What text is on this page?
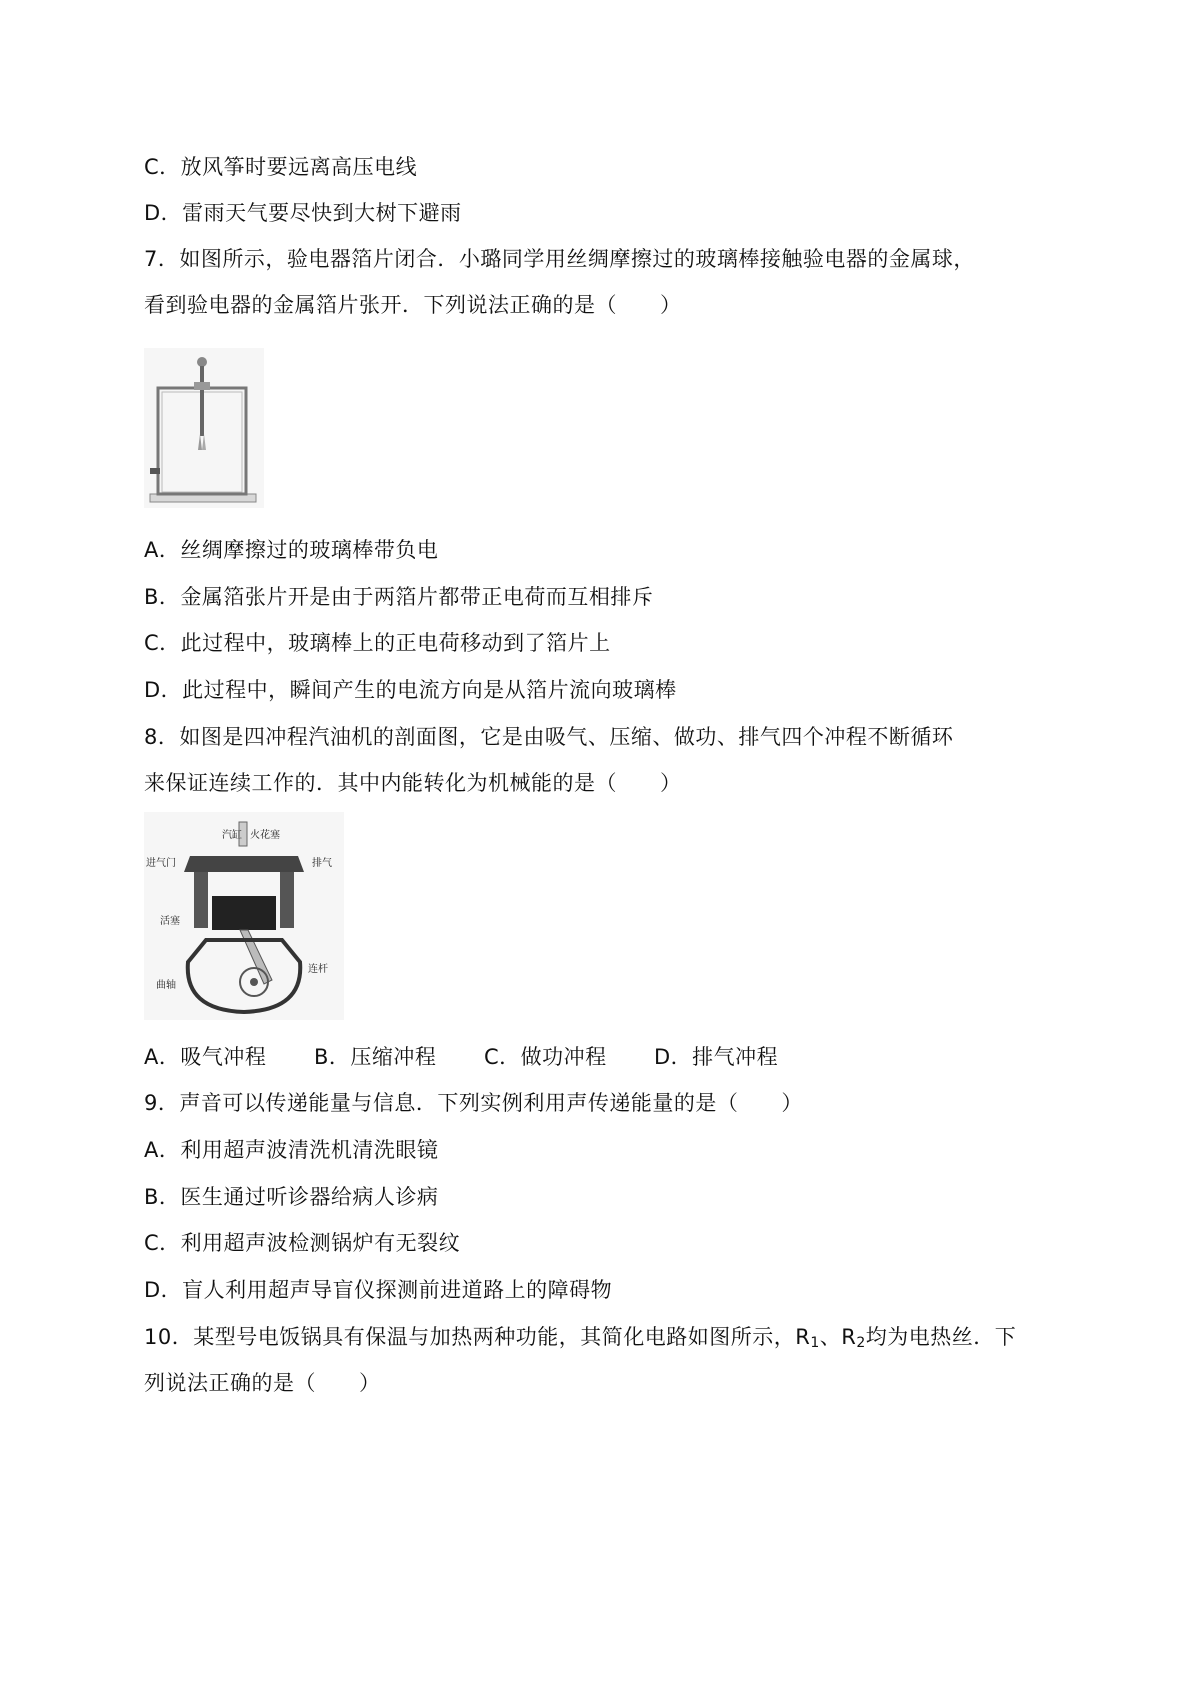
C．放风筝时要远离高压电线
D．雷雨天气要尽快到大树下避雨
7．如图所示，验电器箔片闭合．小璐同学用丝绸摩擦过的玻璃棒接触验电器的金属球，
看到验电器的金属箔片张开．下列说法正确的是（　　）
A．丝绸摩擦过的玻璃棒带负电
B．金属箔张片开是由于两箔片都带正电荷而互相排斥
C．此过程中，玻璃棒上的正电荷移动到了箔片上
D．此过程中，瞬间产生的电流方向是从箔片流向玻璃棒
8．如图是四冲程汽油机的剖面图，它是由吸气、压缩、做功、排气四个冲程不断循环
来保证连续工作的．其中内能转化为机械能的是（　　）
汽缸 火花塞
进气门	排气
活塞
连杆
曲轴
A．吸气冲程 B．压缩冲程 C．做功冲程 D．排气冲程
9．声音可以传递能量与信息．下列实例利用声传递能量的是（　　）
A．利用超声波清洗机清洗眼镜
B．医生通过听诊器给病人诊病
C．利用超声波检测锅炉有无裂纹
D．盲人利用超声导盲仪探测前进道路上的障碍物
10．某型号电饭锅具有保温与加热两种功能，其简化电路如图所示，$R_1$、$R_2$均为电热丝．下
列说法正确的是（　　）
